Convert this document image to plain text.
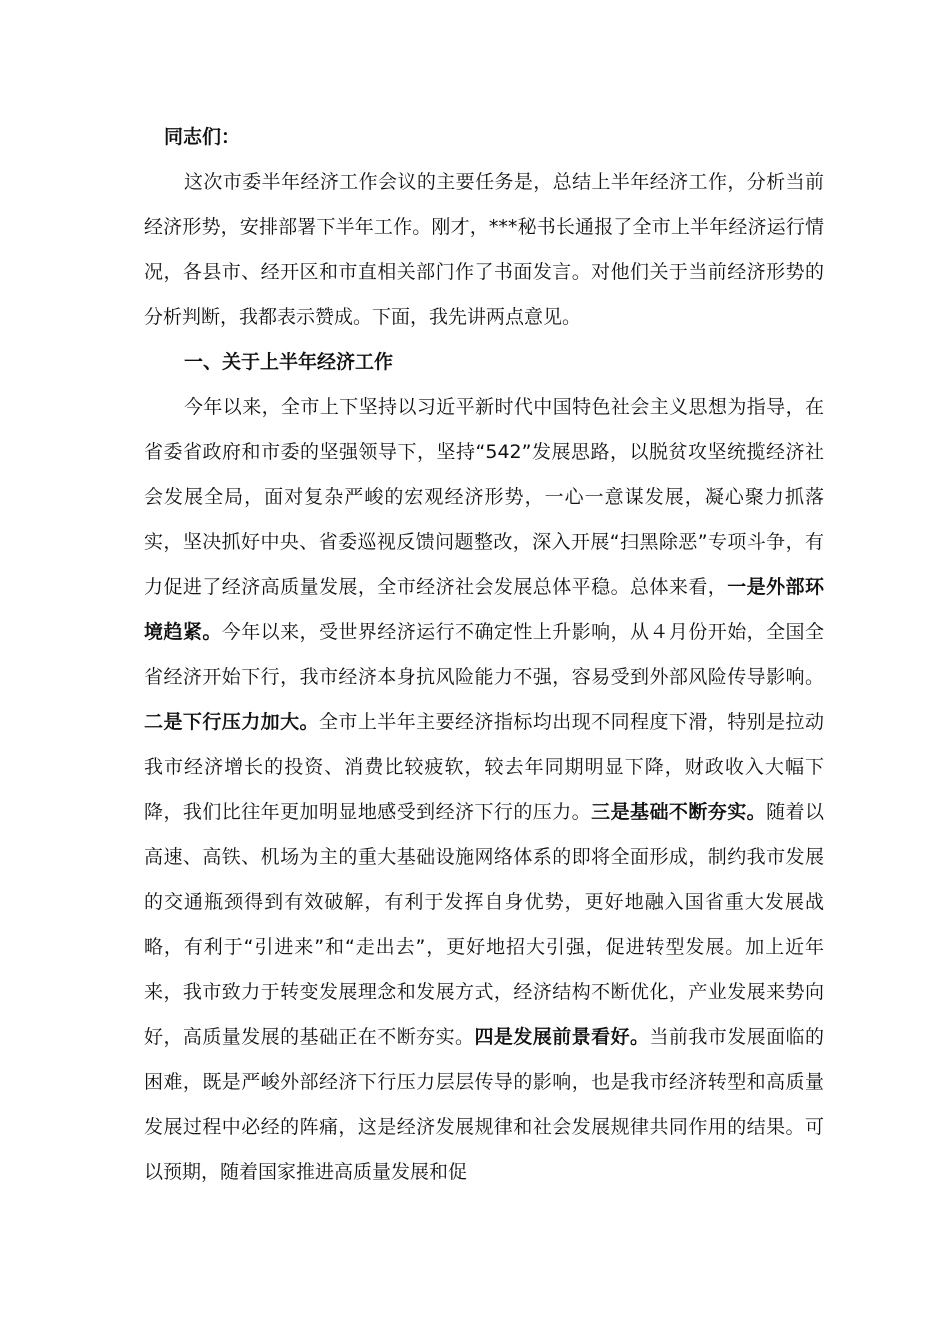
同志们：

这次市委半年经济工作会议的主要任务是，总结上半年经济工作，分析当前经济形势，安排部署下半年工作。刚才，***秘书长通报了全市上半年经济运行情况，各县市、经开区和市直相关部门作了书面发言。对他们关于当前经济形势的分析判断，我都表示赞成。下面，我先讲两点意见。

一、关于上半年经济工作

今年以来，全市上下坚持以习近平新时代中国特色社会主义思想为指导，在省委省政府和市委的坚强领导下，坚持“542”发展思路，以脱贫攻坚统揽经济社会发展全局，面对复杂严峻的宏观经济形势，一心一意谋发展，凝心聚力抓落实，坚决抓好中央、省委巡视反馈问题整改，深入开展“扫黑除恶”专项斗争，有力促进了经济高质量发展，全市经济社会发展总体平稳。总体来看，一是外部环境趋紧。今年以来，受世界经济运行不确定性上升影响，从４月份开始，全国全省经济开始下行，我市经济本身抗风险能力不强，容易受到外部风险传导影响。二是下行压力加大。全市上半年主要经济指标均出现不同程度下滑，特别是拉动我市经济增长的投资、消费比较疲软，较去年同期明显下降，财政收入大幅下降，我们比往年更加明显地感受到经济下行的压力。三是基础不断夯实。随着以高速、高铁、机场为主的重大基础设施网络体系的即将全面形成，制约我市发展的交通瓶颈得到有效破解，有利于发挥自身优势，更好地融入国省重大发展战略，有利于“引进来”和“走出去”，更好地招大引强，促进转型发展。加上近年来，我市致力于转变发展理念和发展方式，经济结构不断优化，产业发展来势向好，高质量发展的基础正在不断夯实。四是发展前景看好。当前我市发展面临的困难，既是严峻外部经济下行压力层层传导的影响，也是我市经济转型和高质量发展过程中必经的阵痛，这是经济发展规律和社会发展规律共同作用的结果。可以预期，随着国家推进高质量发展和促
